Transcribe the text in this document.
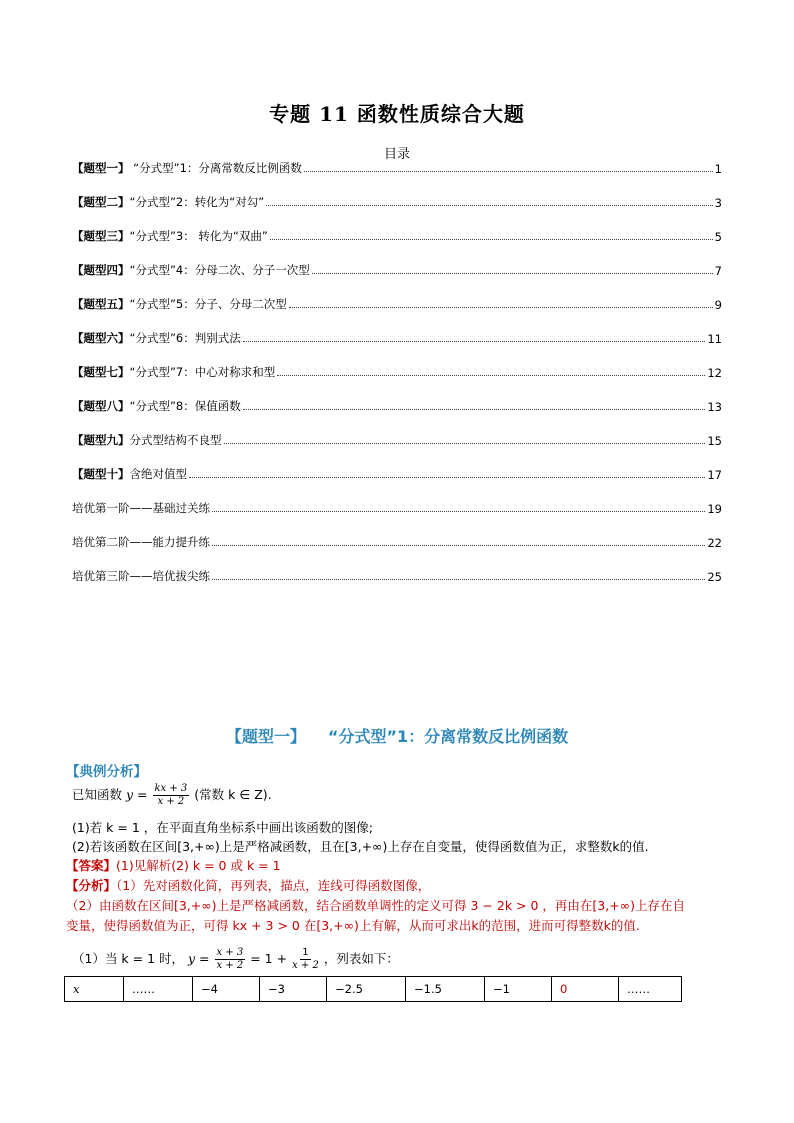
专题 11 函数性质综合大题
目录
【题型一】 “分式型”1：分离常数反比例函数	1
【题型二】“分式型”2：转化为“对勾”	3
【题型三】“分式型”3： 转化为“双曲”	5
【题型四】“分式型”4：分母二次、分子一次型	7
【题型五】“分式型”5：分子、分母二次型	9
【题型六】“分式型”6：判别式法	11
【题型七】“分式型”7：中心对称求和型	12
【题型八】“分式型”8：保值函数	13
【题型九】分式型结构不良型	15
【题型十】含绝对值型	17
培优第一阶——基础过关练	19
培优第二阶——能力提升练	22
培优第三阶——培优拔尖练	25
【题型一】 “分式型”1：分离常数反比例函数
【典例分析】
已知函数 $y = \frac{kx + 3}{x + 2}$ (常数 k ∈ Z).
(1)若 k = 1 ，在平面直角坐标系中画出该函数的图像;
(2)若该函数在区间[3,+∞)上是严格减函数，且在[3,+∞)上存在自变量，使得函数值为正，求整数k的值.
【答案】(1)见解析(2) k = 0 或 k = 1
【分析】（1）先对函数化简，再列表，描点，连线可得函数图像，
（2）由函数在区间[3,+∞)上是严格减函数，结合函数单调性的定义可得 3 − 2k > 0 ，再由在[3,+∞)上存在自
变量，使得函数值为正，可得 kx + 3 > 0 在[3,+∞)上有解，从而可求出k的范围，进而可得整数k的值.
（1）当 k = 1 时， $y = \frac{x + 3}{x + 2} = 1 + \frac{1}{x + 2}$ ，列表如下：
x	……	−4	−3	−2.5	−1.5	−1	0	……
